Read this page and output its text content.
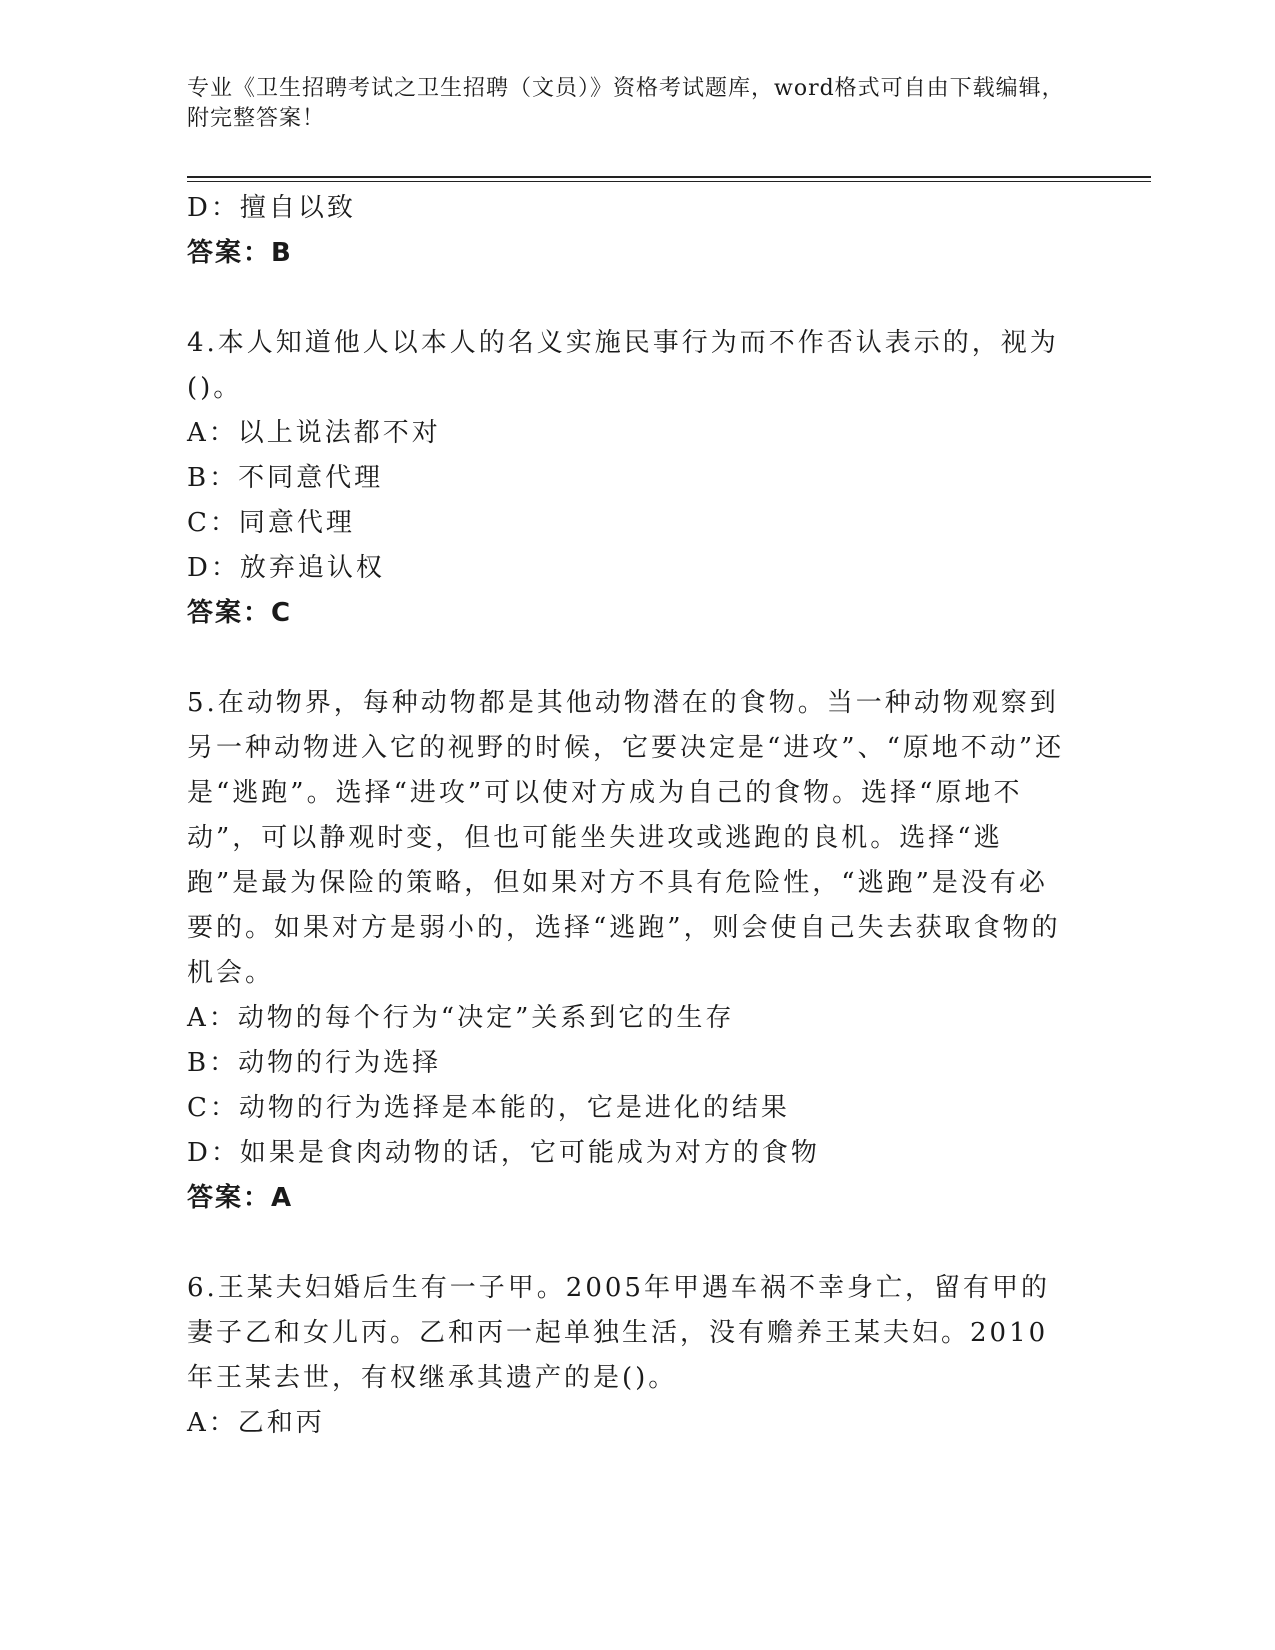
专业《卫生招聘考试之卫生招聘（文员）》资格考试题库，word格式可自由下载编辑，附完整答案！
D：擅自以致
答案：B
4.本人知道他人以本人的名义实施民事行为而不作否认表示的，视为()。
A：以上说法都不对
B：不同意代理
C：同意代理
D：放弃追认权
答案：C
5.在动物界，每种动物都是其他动物潜在的食物。当一种动物观察到另一种动物进入它的视野的时候，它要决定是“进攻”、“原地不动”还是“逃跑”。选择“进攻”可以使对方成为自己的食物。选择“原地不动”，可以静观时变，但也可能坐失进攻或逃跑的良机。选择“逃跑”是最为保险的策略，但如果对方不具有危险性，“逃跑”是没有必要的。如果对方是弱小的，选择“逃跑”，则会使自己失去获取食物的机会。
A：动物的每个行为“决定”关系到它的生存
B：动物的行为选择
C：动物的行为选择是本能的，它是进化的结果
D：如果是食肉动物的话，它可能成为对方的食物
答案：A
6.王某夫妇婚后生有一子甲。2005年甲遇车祸不幸身亡，留有甲的妻子乙和女儿丙。乙和丙一起单独生活，没有赡养王某夫妇。2010年王某去世，有权继承其遗产的是()。
A：乙和丙
